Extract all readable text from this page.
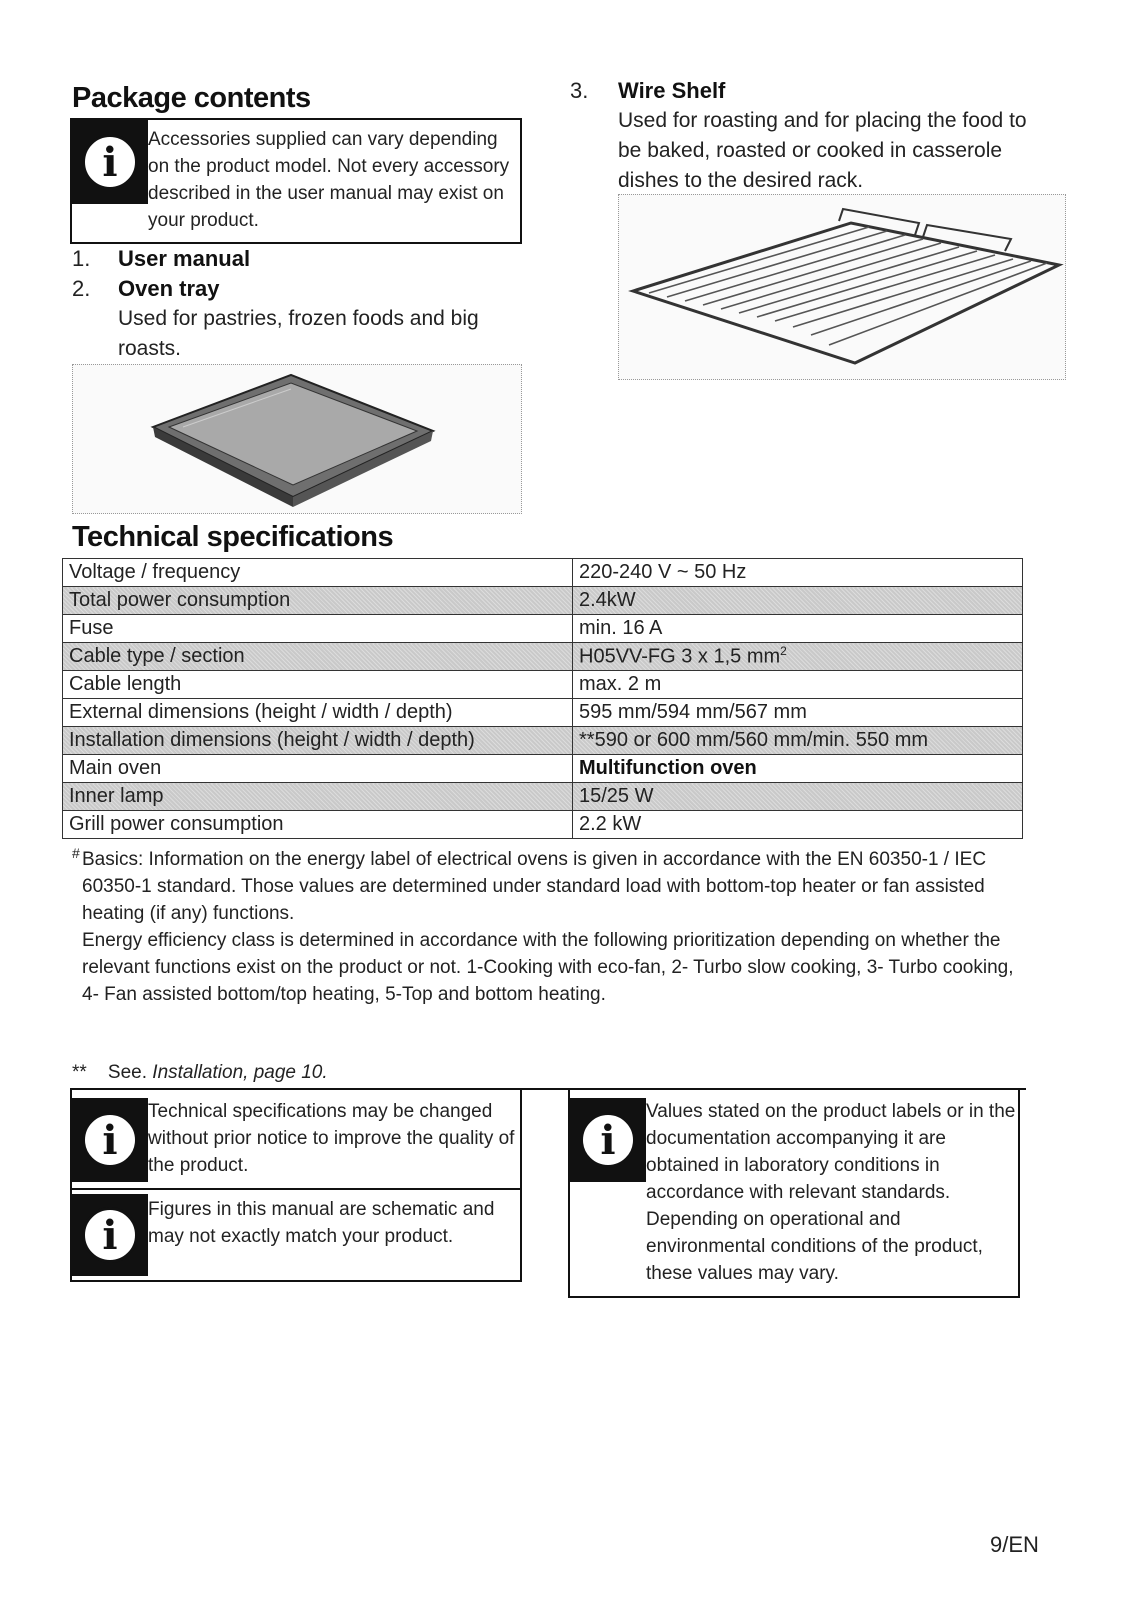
Package contents
i	Accessories supplied can vary depending on the product model. Not every accessory described in the user manual may exist on your product.
1. User manual
2. Oven tray
Used for pastries, frozen foods and big roasts.
3. Wire Shelf
Used for roasting and for placing the food to be baked, roasted or cooked in casserole dishes to the desired rack.
Technical specifications
Voltage / frequency	220-240 V ~ 50 Hz
Total power consumption	2.4kW
Fuse	min. 16 A
Cable type / section	H05VV-FG 3 x 1,5 $mm^2$
Cable length	max. 2 m
External dimensions (height / width / depth)	595 mm/594 mm/567 mm
Installation dimensions (height / width / depth)	**590 or 600 mm/560 mm/min. 550 mm
Main oven	Multifunction oven
Inner lamp	15/25 W
Grill power consumption	2.2 kW
# Basics: Information on the energy label of electrical ovens is given in accordance with the EN 60350-1 / IEC 60350-1 standard. Those values are determined under standard load with bottom-top heater or fan assisted heating (if any) functions.
Energy efficiency class is determined in accordance with the following prioritization depending on whether the relevant functions exist on the product or not. 1-Cooking with eco-fan, 2- Turbo slow cooking, 3- Turbo cooking, 4- Fan assisted bottom/top heating, 5-Top and bottom heating.
** See. Installation, page 10.
i
Technical specifications may be changed without prior notice to improve the quality of the product.
i
Figures in this manual are schematic and may not exactly match your product.
i
Values stated on the product labels or in the documentation accompanying it are obtained in laboratory conditions in accordance with relevant standards. Depending on operational and environmental conditions of the product, these values may vary.
9/EN
